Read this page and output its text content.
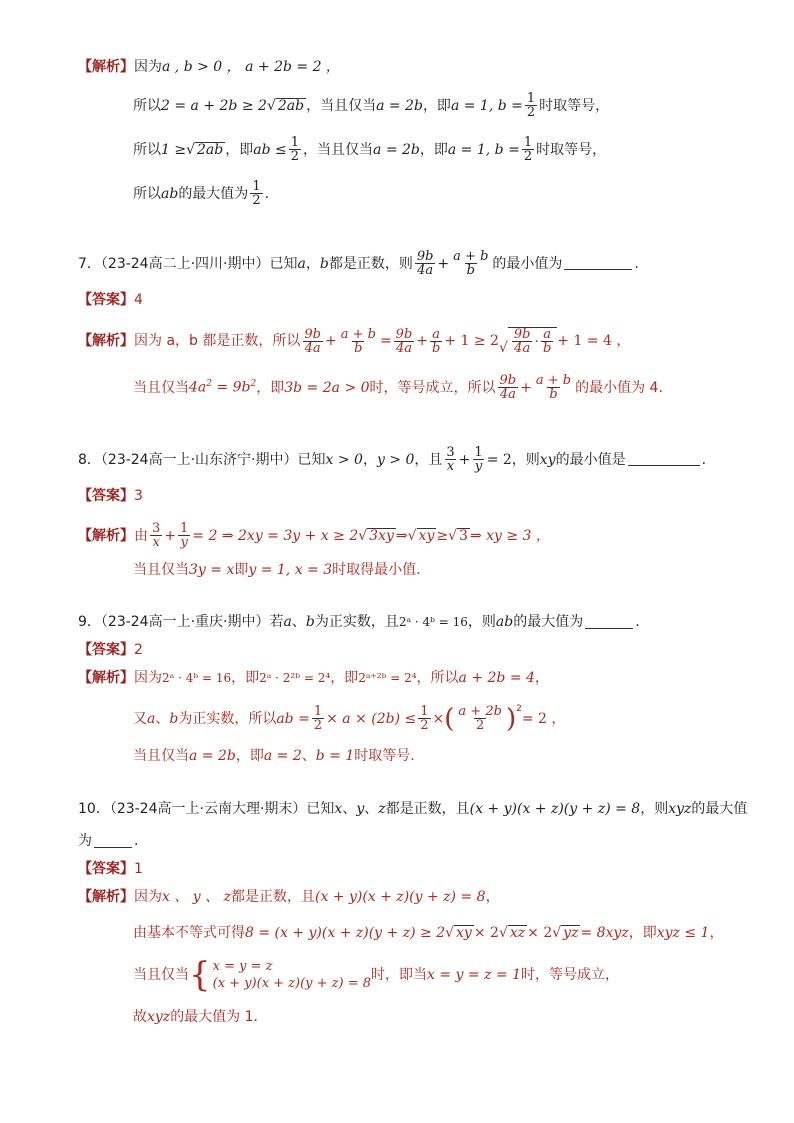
【解析】 因为 a , b > 0 ， a + 2b = 2 ，
所以 2 = a + 2b ≥ 2 √ 2ab ，当且仅当 a = 2b ，即 a = 1, $b = \frac{1}{2}$ 时取等号，
所以 1 ≥ √ 2ab ，即 ab ≤ $\frac{1}{2}$ ，当且仅当 a = 2b ，即 a = 1, $b = \frac{1}{2}$ 时取等号，
所以 ab 的最大值为 $\frac{1}{2}$ .
7．（23-24高二上·四川·期中）已知 a ， b 都是正数，则 $\frac{9b}{4a} + \frac{a + b}{b}$ 的最小值为	.
【答案】 4
【解析】 因为 a，b 都是正数，所以 $\frac{9b}{4a} + \frac{a + b}{b} = \frac{9b}{4a} + \frac{a}{b} + 1 \ge 2$ √ $\frac{9b}{4a} \cdot \frac{a}{b} + 1 = 4$ ，
当且仅当 $4a^2 = 9b^2$ ，即 3b = 2a > 0 时，等号成立，所以 $\frac{9b}{4a} + \frac{a + b}{b}$ 的最小值为 4.
8．（23-24高一上·山东济宁·期中）已知 x > 0 ， y > 0 ，且 $\frac{3}{x} + \frac{1}{y} = 2$ ，则 xy 的最小值是	.
【答案】 3
【解析】 由 $\frac{3}{x} + \frac{1}{y} = 2$ ⇒ 2xy = 3y + x ≥ 2 √ 3xy ⇒ √ xy ≥ √ 3 ⇒ xy ≥ 3 ，
当且仅当 3y = x 即 y = 1, x = 3 时取得最小值.
9．（23-24高一上·重庆·期中）若 a 、 b 为正实数，且 2ᵃ · 4ᵇ = 16 ，则 ab 的最大值为	.
【答案】 2
【解析】 因为 2ᵃ · 4ᵇ = 16 ，即 2ᵃ · 2²ᵇ = 2⁴ ，即 2ᵃ⁺²ᵇ = 2⁴ ，所以 a + 2b = 4 ，
又 a 、 b 为正实数，所以 ab = $\frac{1}{2} \times a \times (2b) \le \frac{1}{2}$ × ( $\frac{a + 2b}{2}$ ) 2
= 2 ，
当且仅当 a = 2b ，即 a = 2 、 b = 1 时取等号.
10．（23-24高一上·云南大理·期末）已知 x 、 y 、 z 都是正数，且 (x + y)(x + z)(y + z) = 8 ，则 xyz 的最大值
为	.
【答案】 1
【解析】 因为 x 、 y 、 z 都是正数，且 (x + y)(x + z)(y + z) = 8 ，
由基本不等式可得 8 = (x + y)(x + z)(y + z) ≥ 2 √ xy × 2 √ xz × 2 √ yz = 8xyz ，即 xyz ≤ 1 ，
当且仅当 { x = y = z
(x + y)(x + z)(y + z) = 8
时，即当 x = y = z = 1 时，等号成立，
故 xyz 的最大值为 1.
